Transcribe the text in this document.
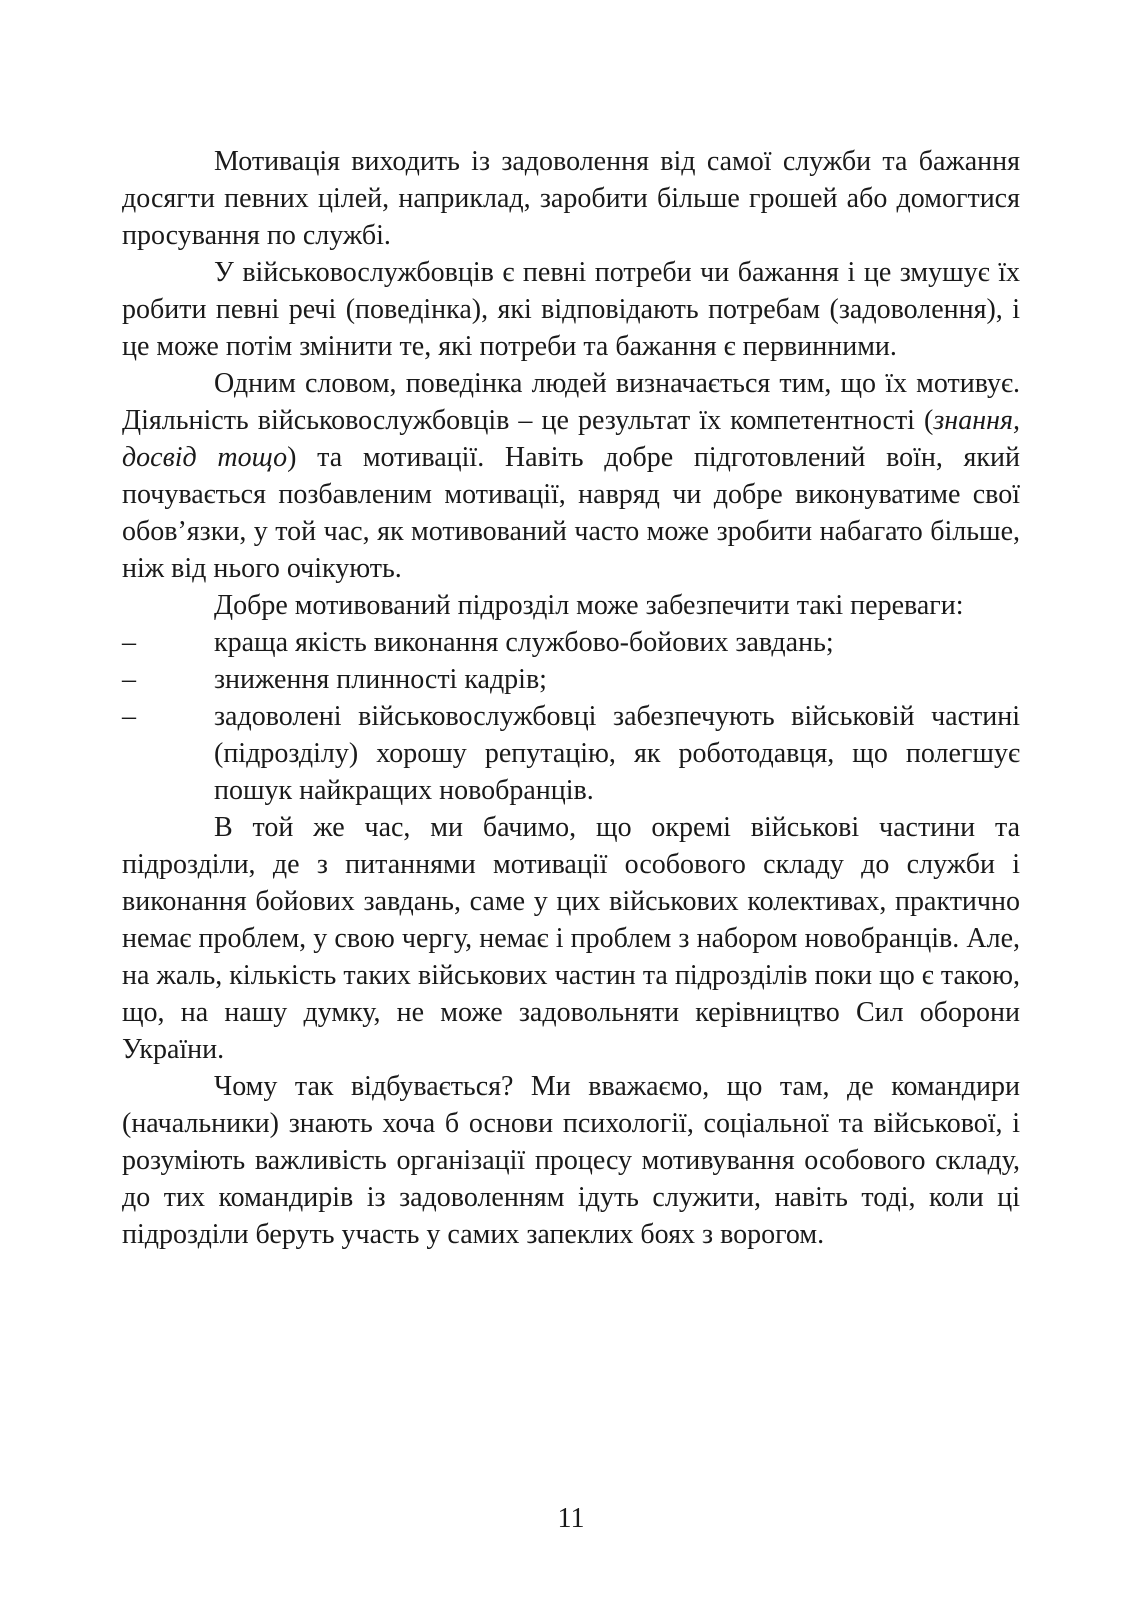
Мотивація виходить із задоволення від самої служби та бажання досягти певних цілей, наприклад, заробити більше грошей або домогтися просування по службі.

У військовослужбовців є певні потреби чи бажання і це змушує їх робити певні речі (поведінка), які відповідають потребам (задоволення), і це може потім змінити те, які потреби та бажання є первинними.

Одним словом, поведінка людей визначається тим, що їх мотивує. Діяльність військовослужбовців – це результат їх компетентності (знання, досвід тощо) та мотивації. Навіть добре підготовлений воїн, який почувається позбавленим мотивації, навряд чи добре виконуватиме свої обов’язки, у той час, як мотивований часто може зробити набагато більше, ніж від нього очікують.

Добре мотивований підрозділ може забезпечити такі переваги:

–	краща якість виконання службово-бойових завдань;
–	зниження плинності кадрів;
–	задоволені військовослужбовці забезпечують військовій частині (підрозділу) хорошу репутацію, як роботодавця, що полегшує пошук найкращих новобранців.

В той же час, ми бачимо, що окремі військові частини та підрозділи, де з питаннями мотивації особового складу до служби і виконання бойових завдань, саме у цих військових колективах, практично немає проблем, у свою чергу, немає і проблем з набором новобранців. Але, на жаль, кількість таких військових частин та підрозділів поки що є такою, що, на нашу думку, не може задовольняти керівництво Сил оборони України.

Чому так відбувається? Ми вважаємо, що там, де командири (начальники) знають хоча б основи психології, соціальної та військової, і розуміють важливість організації процесу мотивування особового складу, до тих командирів із задоволенням ідуть служити, навіть тоді, коли ці підрозділи беруть участь у самих запеклих боях з ворогом.

11
